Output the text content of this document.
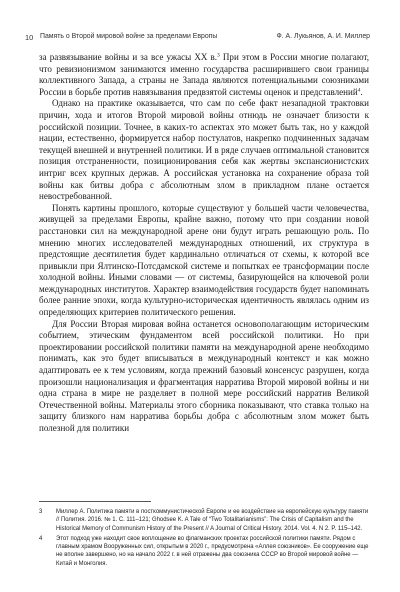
10 Память о Второй мировой войне за пределами Европы	Ф. А. Лукьянов, А. И. Миллер

за развязывание войны и за все ужасы XX в.$^3$ При этом в России многие полагают, что ревизионизмом занимаются именно государства расширившего свои границы коллективного Запада, а страны не Запада являются потенциальными союзниками России в борьбе против навязывания предвзятой системы оценок и представлений$^4$.

Однако на практике оказывается, что сам по себе факт незападной трактовки причин, хода и итогов Второй мировой войны отнюдь не означает близости к российской позиции. Точнее, в каких-то аспектах это может быть так, но у каждой нации, естественно, формируется набор постулатов, накрепко подчиненных задачам текущей внешней и внутренней политики. И в ряде случаев оптимальной становится позиция отстраненности, позиционирования себя как жертвы экспансионистских интриг всех крупных держав. А российская установка на сохранение образа той войны как битвы добра с абсолютным злом в прикладном плане остается невостребованной.

Понять картины прошлого, которые существуют у большей части человечества, живущей за пределами Европы, крайне важно, потому что при создании новой расстановки сил на международной арене они будут играть решающую роль. По мнению многих исследователей международных отношений, их структура в предстоящие десятилетия будет кардинально отличаться от схемы, к которой все привыкли при Ялтинско-Потсдамской системе и попытках ее трансформации после холодной войны. Иными словами — от системы, базирующейся на ключевой роли международных институтов. Характер взаимодействия государств будет напоминать более ранние эпохи, когда культурно-историческая идентичность являлась одним из определяющих критериев политического решения.

Для России Вторая мировая война останется основополагающим историческим событием, этическим фундаментом всей российской политики. Но при проектировании российской политики памяти на международной арене необходимо понимать, как это будет вписываться в международный контекст и как можно адаптировать ее к тем условиям, когда прежний базовый консенсус разрушен, когда произошли национализация и фрагментация нарратива Второй мировой войны и ни одна страна в мире не разделяет в полной мере российский нарратив Великой Отечественной войны. Материалы этого сборника показывают, что ставка только на защиту близкого нам нарратива борьбы добра с абсолютным злом может быть полезной для политики

3 Миллер А. Политика памяти в посткоммунистической Европе и ее воздействие на европейскую культуру памяти // Полития. 2016. № 1. С. 111–121; Ghodsee K. A Tale of “Two Totalitarianisms”: The Crisis of Capitalism and the Historical Memory of Communism History of the Present // A Journal of Critical History. 2014. Vol. 4. N 2. P. 115–142.
4 Этот подход уже находит свое воплощение во флагманских проектах российской политики памяти. Рядом с главным храмом Вооруженных сил, открытым в 2020 г., предусмотрена «Аллея союзников». Ее сооружение еще не вполне завершено, но на начало 2022 г. в ней отражены два союзника СССР во Второй мировой войне — Китай и Монголия.
